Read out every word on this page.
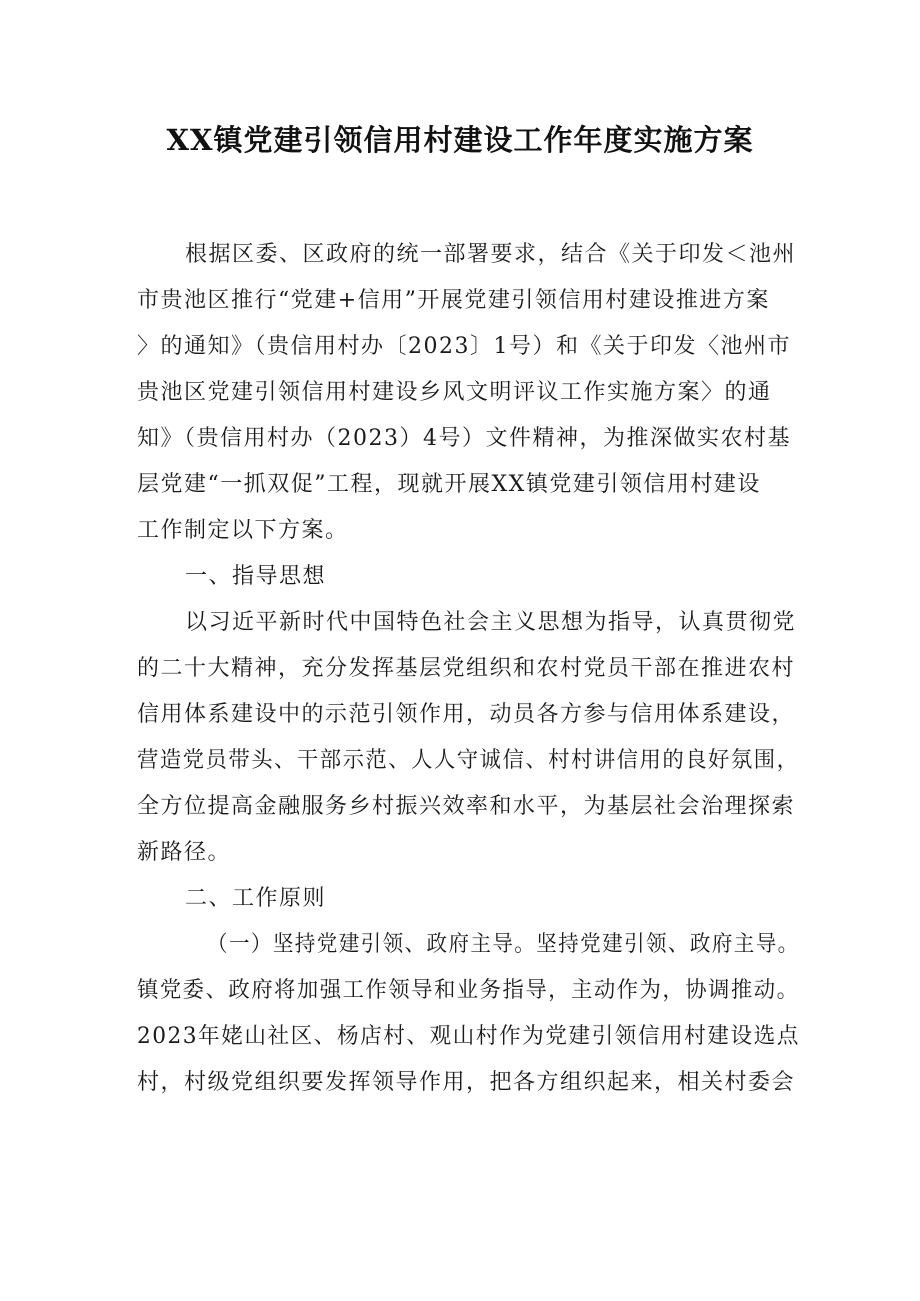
XX镇党建引领信用村建设工作年度实施方案
根据区委、区政府的统一部署要求，结合《关于印发＜池州
市贵池区推行“党建+信用”开展党建引领信用村建设推进方案
〉的通知》（贵信用村办〔2023〕1号）和《关于印发〈池州市
贵池区党建引领信用村建设乡风文明评议工作实施方案〉的通
知》（贵信用村办（2023）4号）文件精神，为推深做实农村基
层党建“一抓双促”工程，现就开展XX镇党建引领信用村建设
工作制定以下方案。
一、指导思想
以习近平新时代中国特色社会主义思想为指导，认真贯彻党
的二十大精神，充分发挥基层党组织和农村党员干部在推进农村
信用体系建设中的示范引领作用，动员各方参与信用体系建设，
营造党员带头、干部示范、人人守诚信、村村讲信用的良好氛围，
全方位提高金融服务乡村振兴效率和水平，为基层社会治理探索
新路径。
二、工作原则
（一）坚持党建引领、政府主导。坚持党建引领、政府主导。
镇党委、政府将加强工作领导和业务指导，主动作为，协调推动。
2023年姥山社区、杨店村、观山村作为党建引领信用村建设选点
村，村级党组织要发挥领导作用，把各方组织起来，相关村委会
